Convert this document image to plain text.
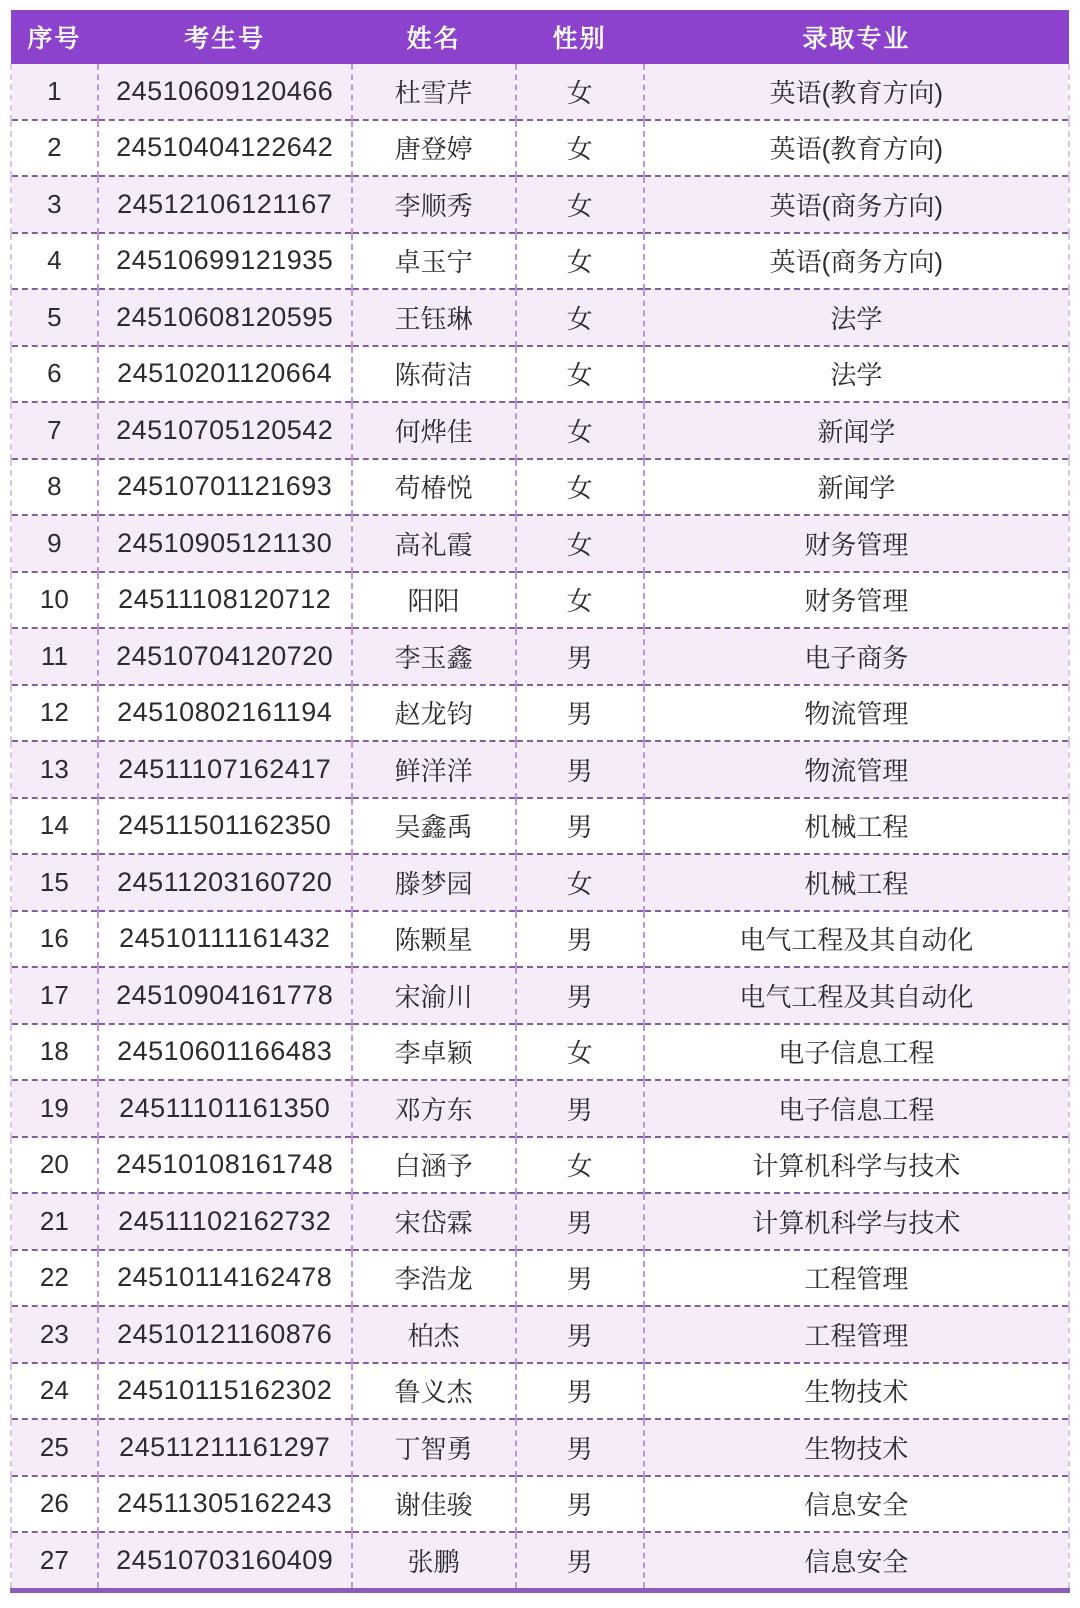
序号	考生号	姓名	性别	录取专业
1	24510609120466	杜雪芹	女	英语(教育方向)
2	24510404122642	唐登婷	女	英语(教育方向)
3	24512106121167	李顺秀	女	英语(商务方向)
4	24510699121935	卓玉宁	女	英语(商务方向)
5	24510608120595	王钰琳	女	法学
6	24510201120664	陈荷洁	女	法学
7	24510705120542	何烨佳	女	新闻学
8	24510701121693	苟椿悦	女	新闻学
9	24510905121130	高礼霞	女	财务管理
10	24511108120712	阳阳	女	财务管理
11	24510704120720	李玉鑫	男	电子商务
12	24510802161194	赵龙钧	男	物流管理
13	24511107162417	鲜洋洋	男	物流管理
14	24511501162350	吴鑫禹	男	机械工程
15	24511203160720	滕梦园	女	机械工程
16	24510111161432	陈颗星	男	电气工程及其自动化
17	24510904161778	宋渝川	男	电气工程及其自动化
18	24510601166483	李卓颖	女	电子信息工程
19	24511101161350	邓方东	男	电子信息工程
20	24510108161748	白涵予	女	计算机科学与技术
21	24511102162732	宋岱霖	男	计算机科学与技术
22	24510114162478	李浩龙	男	工程管理
23	24510121160876	柏杰	男	工程管理
24	24510115162302	鲁义杰	男	生物技术
25	24511211161297	丁智勇	男	生物技术
26	24511305162243	谢佳骏	男	信息安全
27	24510703160409	张鹏	男	信息安全
